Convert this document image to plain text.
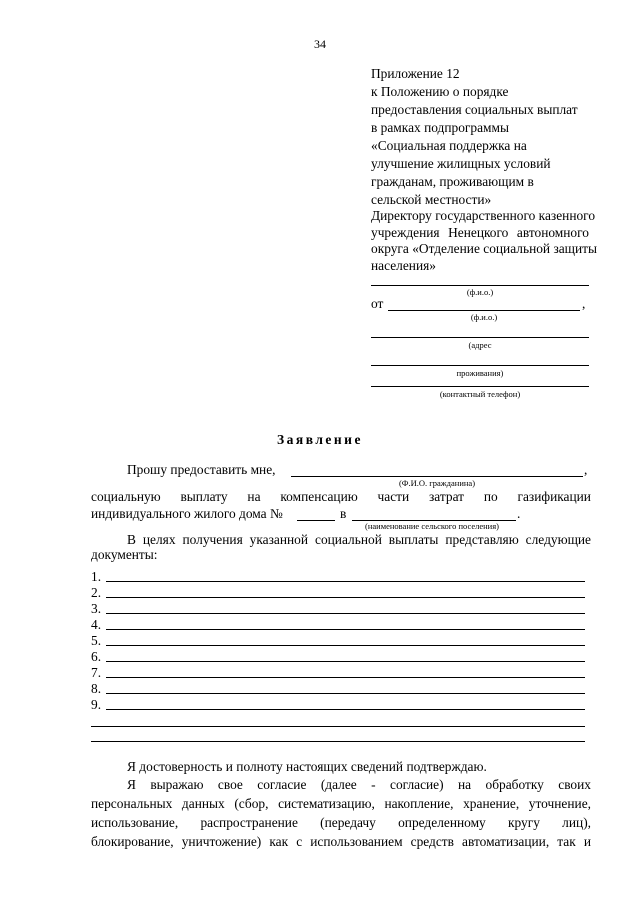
34
Приложение 12
к Положению о порядке
предоставления социальных выплат
в рамках подпрограммы
«Социальная поддержка на
улучшение жилищных условий
гражданам, проживающим в
сельской местности»
Директору государственного казенного
учреждения Ненецкого автономного
округа «Отделение социальной защиты
населения»
(ф.и.о.)
от	,
(ф.и.о.)
(адрес
проживания)
(контактный телефон)
Заявление
Прошу предоставить мне,	,
(Ф.И.О. гражданина)
социальную выплату на компенсацию части затрат по газификации
индивидуального жилого дома №	в	.
(наименование сельского поселения)
В целях получения указанной социальной выплаты представляю следующие
документы:
1.
2.
3.
4.
5.
6.
7.
8.
9.
Я достоверность и полноту настоящих сведений подтверждаю.
Я выражаю свое согласие (далее - согласие) на обработку своих
персональных данных (сбор, систематизацию, накопление, хранение, уточнение,
использование, распространение (передачу определенному кругу лиц),
блокирование, уничтожение) как с использованием средств автоматизации, так и
